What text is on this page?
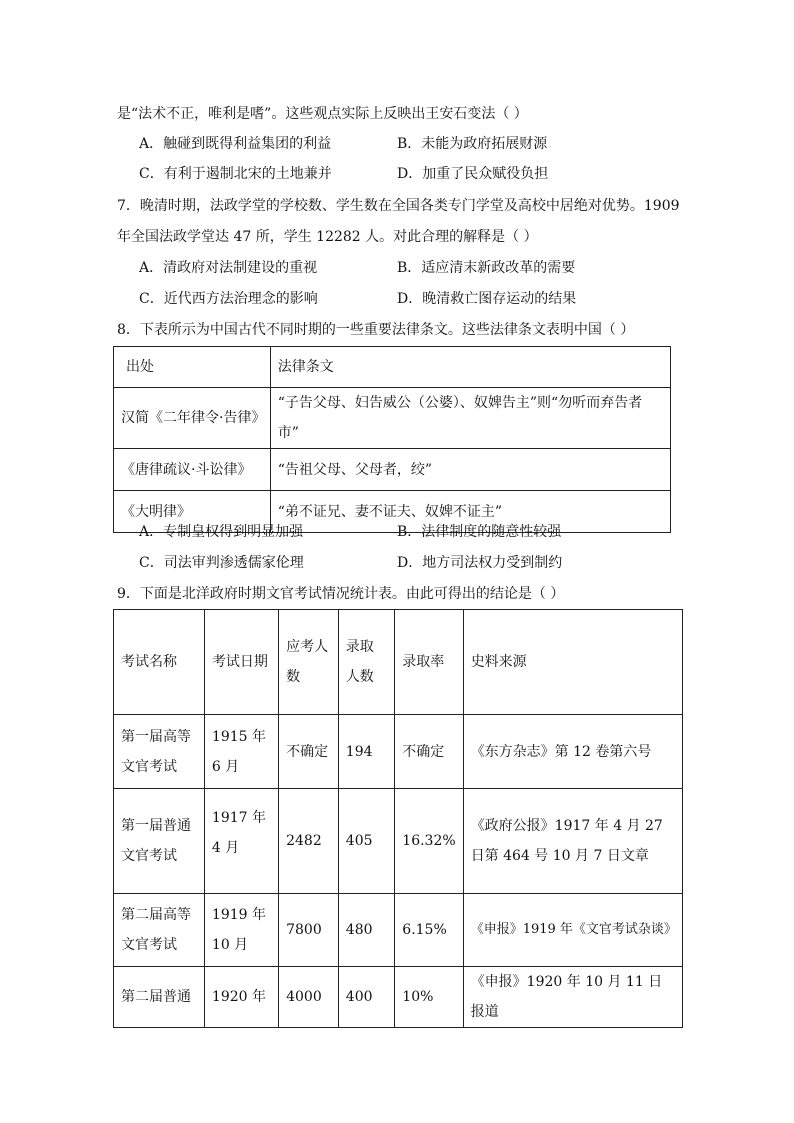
是“法术不正，唯利是嗜”。这些观点实际上反映出王安石变法（ ）
A．触碰到既得利益集团的利益	B．未能为政府拓展财源
C．有利于遏制北宋的土地兼并	D．加重了民众赋役负担
7．晚清时期，法政学堂的学校数、学生数在全国各类专门学堂及高校中居绝对优势。1909
年全国法政学堂达 47 所，学生 12282 人。对此合理的解释是（ ）
A．清政府对法制建设的重视	B．适应清末新政改革的需要
C．近代西方法治理念的影响	D．晚清救亡图存运动的结果
8．下表所示为中国古代不同时期的一些重要法律条文。这些法律条文表明中国（ ）
出处	法律条文
汉简《二年律令·告律》	“子告父母、妇告威公（公婆）、奴婢告主”则“勿听而弃告者市”
《唐律疏议·斗讼律》	“告祖父母、父母者，绞”
《大明律》	“弟不证兄、妻不证夫、奴婢不证主”
A．专制皇权得到明显加强	B．法律制度的随意性较强
C．司法审判渗透儒家伦理	D．地方司法权力受到制约
9．下面是北洋政府时期文官考试情况统计表。由此可得出的结论是（ ）
考试名称	考试日期	应考人数	录取人数	录取率	史料来源
第一届高等文官考试	1915 年 6 月	不确定	194	不确定	《东方杂志》第 12 卷第六号
第一届普通文官考试	1917 年 4 月	2482	405	16.32%	《政府公报》1917 年 4 月 27 日第 464 号 10 月 7 日文章
第二届高等文官考试	1919 年 10 月	7800	480	6.15%	《申报》1919 年《文官考试杂谈》
第二届普通	1920 年	4000	400	10%	《申报》1920 年 10 月 11 日报道
